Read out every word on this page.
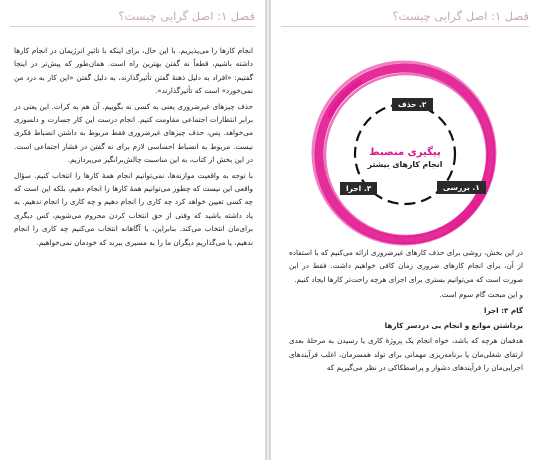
فصل ۱: اصل گرایی چیست؟

انجام کارها را می‌پذیریم. با این حال، برای اینکه با تاثیرِ انرژیمان در انجام کارها داشته باشیم، قطعاً نه گفتن بهترین راه است. همان‌طور که پیش‌تر در اینجا گفتیم: «افراد به دلیل ذهنهٔ گفتن تأثیرگذارند، به دلیل گفتن «این کار به درد من نمی‌خورد» است که تأثیرگذارند».

حذف چیزهای غیرضروری یعنی به کسی نه بگوییم. آن هم به کرات. این یعنی در برابر انتظارات اجتماعی مقاومت کنیم. انجام درست این کار جسارت و دلسوزی می‌خواهد. پس، حذف چیزهای غیرضروری فقط مربوط به داشتن انضباط فکری نیست. مربوط به انضباط احساسی لازم برای نه گفتن در فشار اجتماعی است. در این بخش از کتاب، به این مناسبت چالش‌برانگیز می‌پردازیم.

با توجه به واقعیت موازنه‌ها، نمی‌توانیم انجام همهٔ کارها را انتخاب کنیم. سؤال واقعی این نیست که چطور می‌توانیم همهٔ کارها را انجام دهیم، بلکه این است که چه کسی تعیین خواهد کرد چه کاری را انجام دهیم و چه کاری را انجام ندهیم. به یاد داشته باشید که وقتی از حق انتخاب کردن محروم می‌شویم، کس دیگری برای‌مان انتخاب می‌کند. بنابراین، یا آگاهانه انتخاب می‌کنیم چه کاری را انجام ندهیم، یا می‌گذاریم دیگران ما را به مسیری ببرند که خودمان نمی‌خواهیم.

فصل ۱: اصل گرایی چیست؟

در این بخش، روشی برای حذف کارهای غیرضروری ارائه می‌کنیم که با استفاده از آن، برای انجام کارهای ضروری زمان کافی خواهیم داشت. فقط در این صورت است که می‌توانیم بستری برای اجرای هرچه راحت‌تر کارها ایجاد کنیم.

و این مبحث گام سوم است.

گام ۳: اجرا

برداشتن موانع و انجام بی دردسر کارها

هدفمان هرچه که باشد، خواه انجام یک پروژهٔ کاری یا رسیدن به مرحلهٔ بعدی ارتقای شغلی‌مان یا برنامه‌ریزی مهمانی برای تولد همسرمان، اغلب فرآیندهای اجرایی‌مان را فرآیندهای دشوار و پراصطکاکی در نظر می‌گیریم که

۲. حذف
۱. بررسی
۳. اجرا
پیگیری منضبط
انجام کارهای بیشتر
